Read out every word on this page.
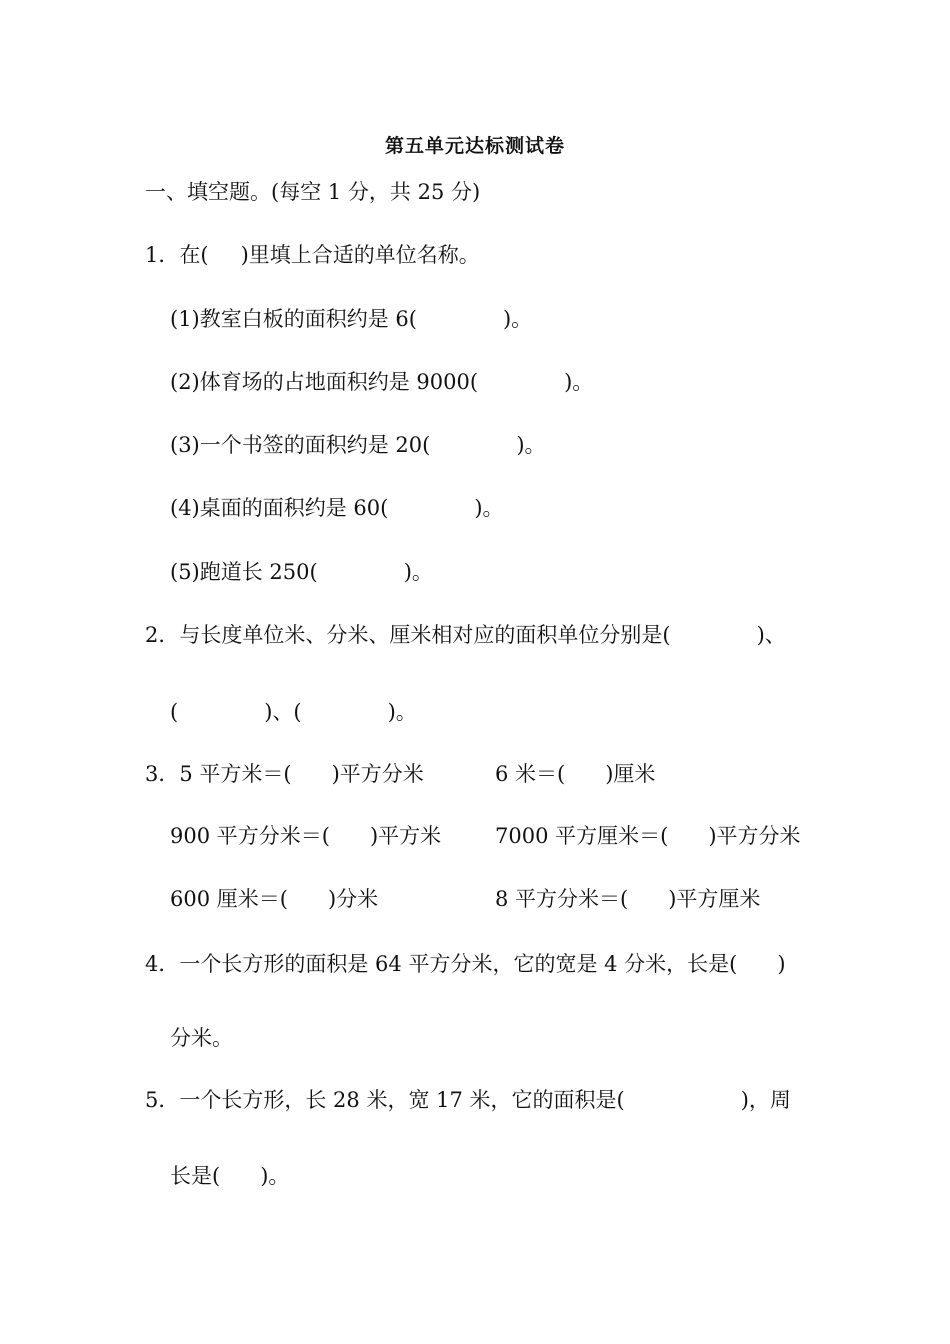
第五单元达标测试卷
一、填空题。(每空 1 分，共 25 分)
1．在( )里填上合适的单位名称。
(1)教室白板的面积约是 6(	)。
(2)体育场的占地面积约是 9000(	)。
(3)一个书签的面积约是 20(	)。
(4)桌面的面积约是 60(	)。
(5)跑道长 250(	)。
2．与长度单位米、分米、厘米相对应的面积单位分别是(	)、
(	)、(	)。
3．5 平方米＝( )平方分米	6 米＝( )厘米
900 平方分米＝( )平方米	7000 平方厘米＝( )平方分米
600 厘米＝( )分米	8 平方分米＝( )平方厘米
4．一个长方形的面积是 64 平方分米，它的宽是 4 分米，长是( )
分米。
5．一个长方形，长 28 米，宽 17 米，它的面积是(	)，周
长是( )。
